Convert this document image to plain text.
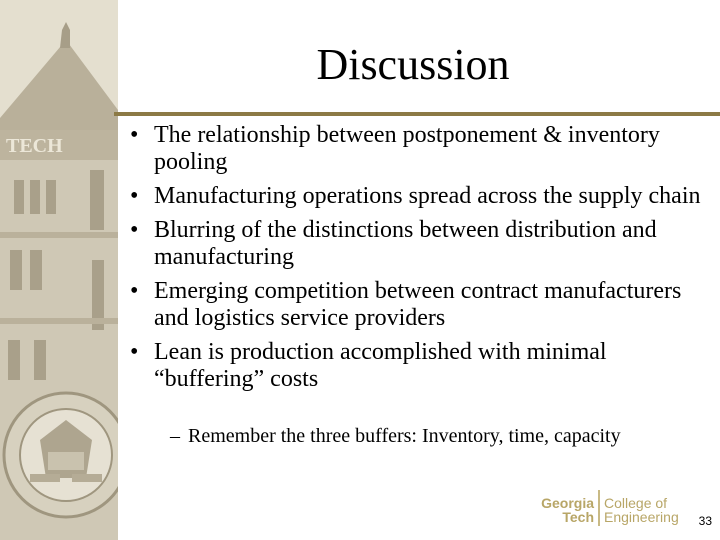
TECH
Discussion
• The relationship between postponement & inventory pooling
• Manufacturing operations spread across the supply chain
• Blurring of the distinctions between distribution and manufacturing
• Emerging competition between contract manufacturers and logistics service providers
• Lean is production accomplished with minimal “buffering” costs
– Remember the three buffers: Inventory, time, capacity
Georgia
Tech
College of
Engineering 33
